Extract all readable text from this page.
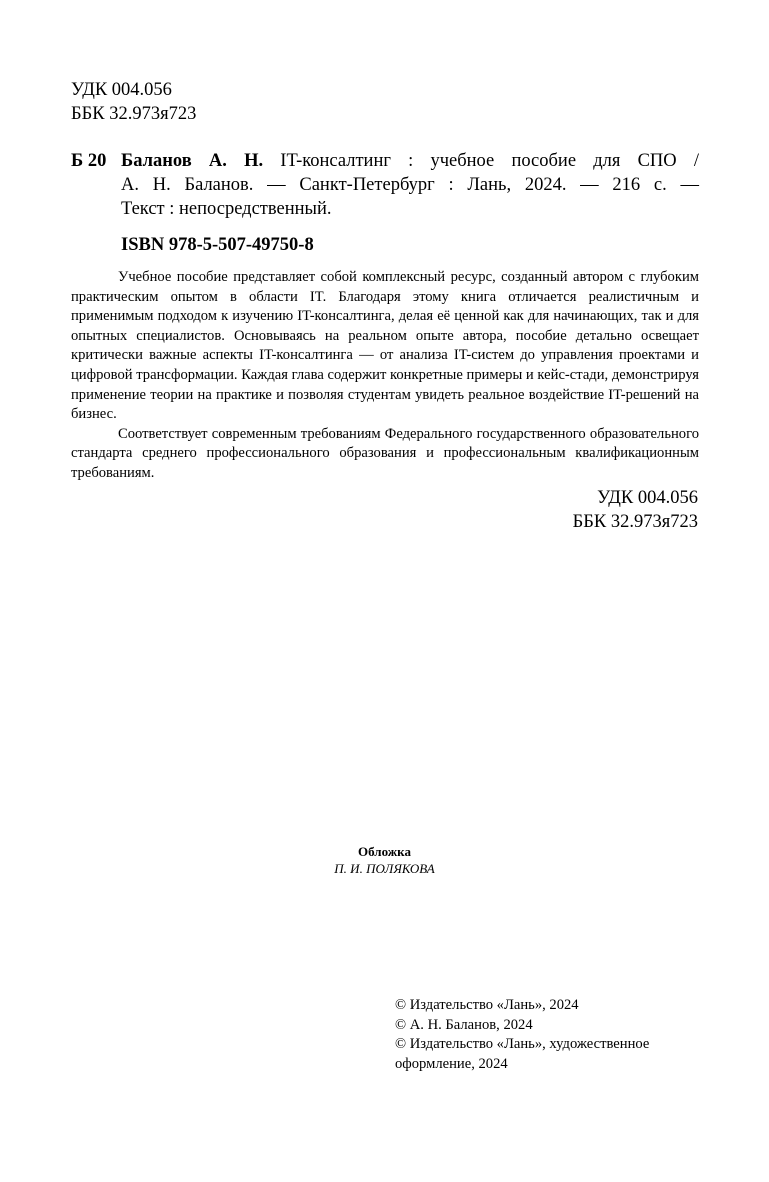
УДК 004.056
ББК 32.973я723
Б 20 Баланов А. Н. IT-консалтинг : учебное пособие для СПО /
А. Н. Баланов. — Санкт-Петербург : Лань, 2024. — 216 с. —
Текст : непосредственный.
ISBN 978-5-507-49750-8

Учебное пособие представляет собой комплексный ресурс, созданный автором с глубоким практическим опытом в области IT. Благодаря этому книга отличается реалистичным и применимым подходом к изучению IT-консалтинга, делая её ценной как для начинающих, так и для опытных специалистов. Основываясь на реальном опыте автора, пособие детально освещает критически важные аспекты IT-консалтинга — от анализа IT-систем до управления проектами и цифровой трансформации. Каждая глава содержит конкретные примеры и кейс-стади, демонстрируя применение теории на практике и позволяя студентам увидеть реальное воздействие IT-решений на бизнес.

Соответствует современным требованиям Федерального государственного образовательного стандарта среднего профессионального образования и профессиональным квалификационным требованиям.

УДК 004.056
ББК 32.973я723
Обложка
П. И. ПОЛЯКОВА
© Издательство «Лань», 2024
© А. Н. Баланов, 2024
© Издательство «Лань», художественное
оформление, 2024
